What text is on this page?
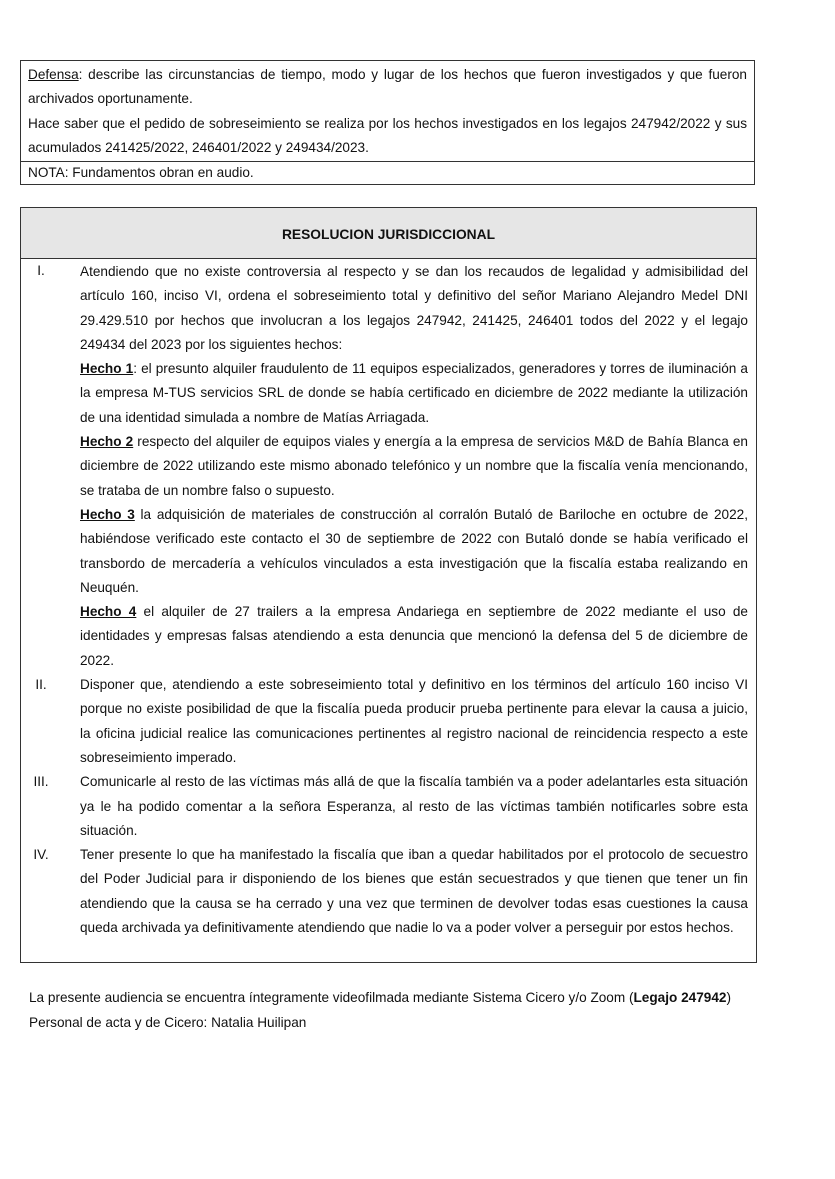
Defensa: describe las circunstancias de tiempo, modo y lugar de los hechos que fueron investigados y que fueron archivados oportunamente.
Hace saber que el pedido de sobreseimiento se realiza por los hechos investigados en los legajos 247942/2022 y sus acumulados 241425/2022, 246401/2022 y 249434/2023.
NOTA: Fundamentos obran en audio.
RESOLUCION JURISDICCIONAL
I.	Atendiendo que no existe controversia al respecto y se dan los recaudos de legalidad y admisibilidad del artículo 160, inciso VI, ordena el sobreseimiento total y definitivo del señor Mariano Alejandro Medel DNI 29.429.510 por hechos que involucran a los legajos 247942, 241425, 246401 todos del 2022 y el legajo 249434 del 2023 por los siguientes hechos:

Hecho 1: el presunto alquiler fraudulento de 11 equipos especializados, generadores y torres de iluminación a la empresa M-TUS servicios SRL de donde se había certificado en diciembre de 2022 mediante la utilización de una identidad simulada a nombre de Matías Arriagada.

Hecho 2 respecto del alquiler de equipos viales y energía a la empresa de servicios M&D de Bahía Blanca en diciembre de 2022 utilizando este mismo abonado telefónico y un nombre que la fiscalía venía mencionando, se trataba de un nombre falso o supuesto.

Hecho 3 la adquisición de materiales de construcción al corralón Butaló de Bariloche en octubre de 2022, habiéndose verificado este contacto el 30 de septiembre de 2022 con Butaló donde se había verificado el transbordo de mercadería a vehículos vinculados a esta investigación que la fiscalía estaba realizando en Neuquén.

Hecho 4 el alquiler de 27 trailers a la empresa Andariega en septiembre de 2022 mediante el uso de identidades y empresas falsas atendiendo a esta denuncia que mencionó la defensa del 5 de diciembre de 2022.

II.	Disponer que, atendiendo a este sobreseimiento total y definitivo en los términos del artículo 160 inciso VI porque no existe posibilidad de que la fiscalía pueda producir prueba pertinente para elevar la causa a juicio, la oficina judicial realice las comunicaciones pertinentes al registro nacional de reincidencia respecto a este sobreseimiento imperado.

III.	Comunicarle al resto de las víctimas más allá de que la fiscalía también va a poder adelantarles esta situación ya le ha podido comentar a la señora Esperanza, al resto de las víctimas también notificarles sobre esta situación.

IV.	Tener presente lo que ha manifestado la fiscalía que iban a quedar habilitados por el protocolo de secuestro del Poder Judicial para ir disponiendo de los bienes que están secuestrados y que tienen que tener un fin atendiendo que la causa se ha cerrado y una vez que terminen de devolver todas esas cuestiones la causa queda archivada ya definitivamente atendiendo que nadie lo va a poder volver a perseguir por estos hechos.

La presente audiencia se encuentra íntegramente videofilmada mediante Sistema Cicero y/o Zoom (Legajo 247942)
Personal de acta y de Cicero: Natalia Huilipan
